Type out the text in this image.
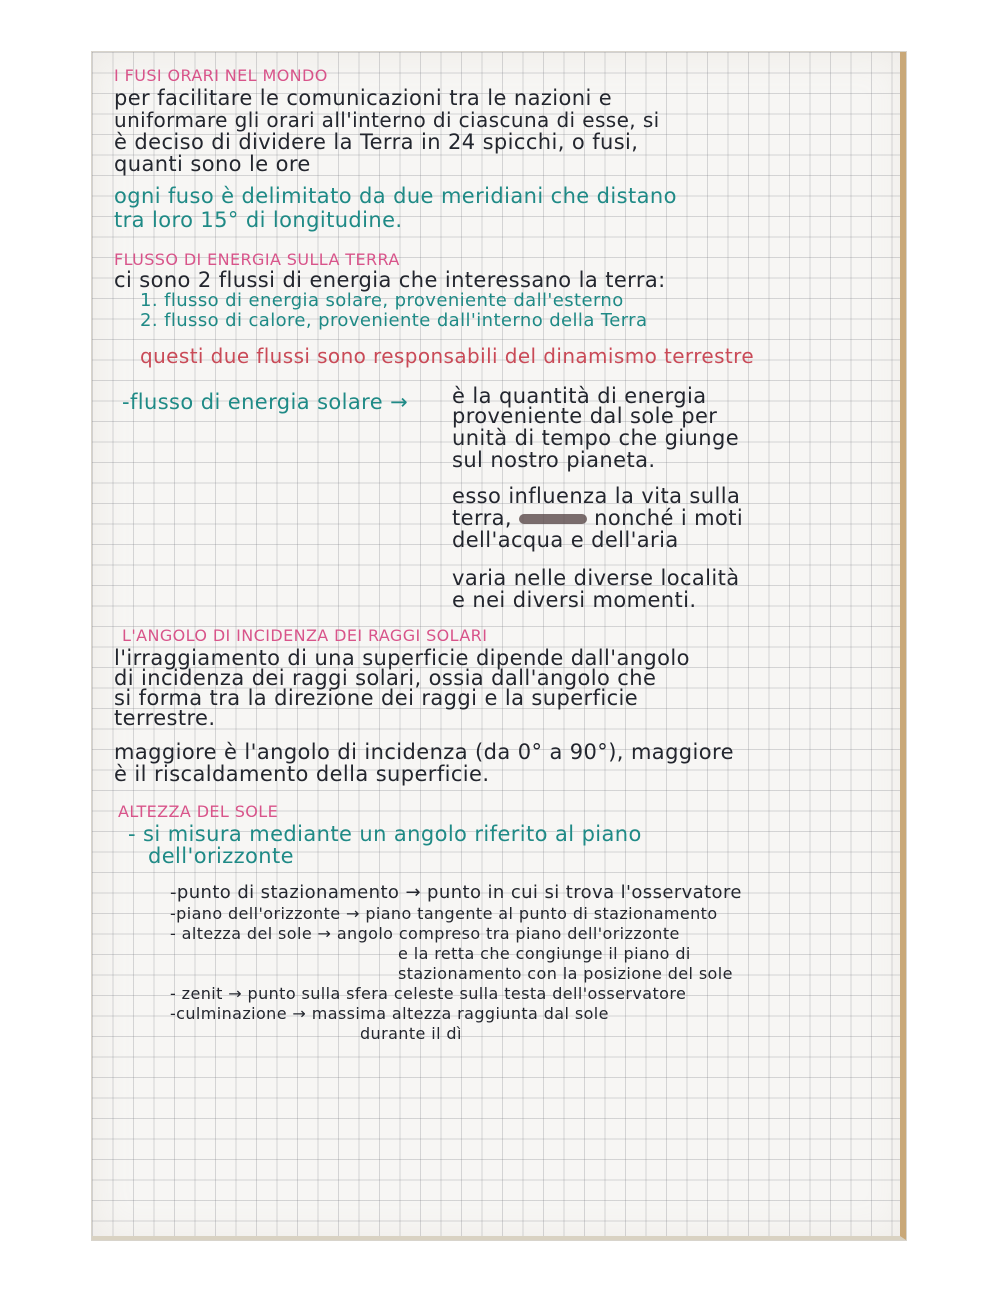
I FUSI ORARI NEL MONDO
per facilitare le comunicazioni tra le nazioni e
uniformare gli orari all'interno di ciascuna di esse, si
è deciso di dividere la Terra in 24 spicchi, o fusi,
quanti sono le ore
ogni fuso è delimitato da due meridiani che distano
tra loro 15° di longitudine.
FLUSSO DI ENERGIA SULLA TERRA
ci sono 2 flussi di energia che interessano la terra:
1. flusso di energia solare, proveniente dall'esterno
2. flusso di calore, proveniente dall'interno della Terra
questi due flussi sono responsabili del dinamismo terrestre
-flusso di energia solare → è la quantità di energia
proveniente dal sole per
unità di tempo che giunge
sul nostro pianeta.
esso influenza la vita sulla
terra,	nonché i moti
dell'acqua e dell'aria
varia nelle diverse località
e nei diversi momenti.
L'ANGOLO DI INCIDENZA DEI RAGGI SOLARI
l'irraggiamento di una superficie dipende dall'angolo
di incidenza dei raggi solari, ossia dall'angolo che
si forma tra la direzione dei raggi e la superficie
terrestre.
maggiore è l'angolo di incidenza (da 0° a 90°), maggiore
è il riscaldamento della superficie.
ALTEZZA DEL SOLE
- si misura mediante un angolo riferito al piano
dell'orizzonte
-punto di stazionamento → punto in cui si trova l'osservatore
-piano dell'orizzonte → piano tangente al punto di stazionamento
- altezza del sole → angolo compreso tra piano dell'orizzonte
e la retta che congiunge il piano di
stazionamento con la posizione del sole
- zenit → punto sulla sfera celeste sulla testa dell'osservatore
-culminazione → massima altezza raggiunta dal sole
durante il dì
